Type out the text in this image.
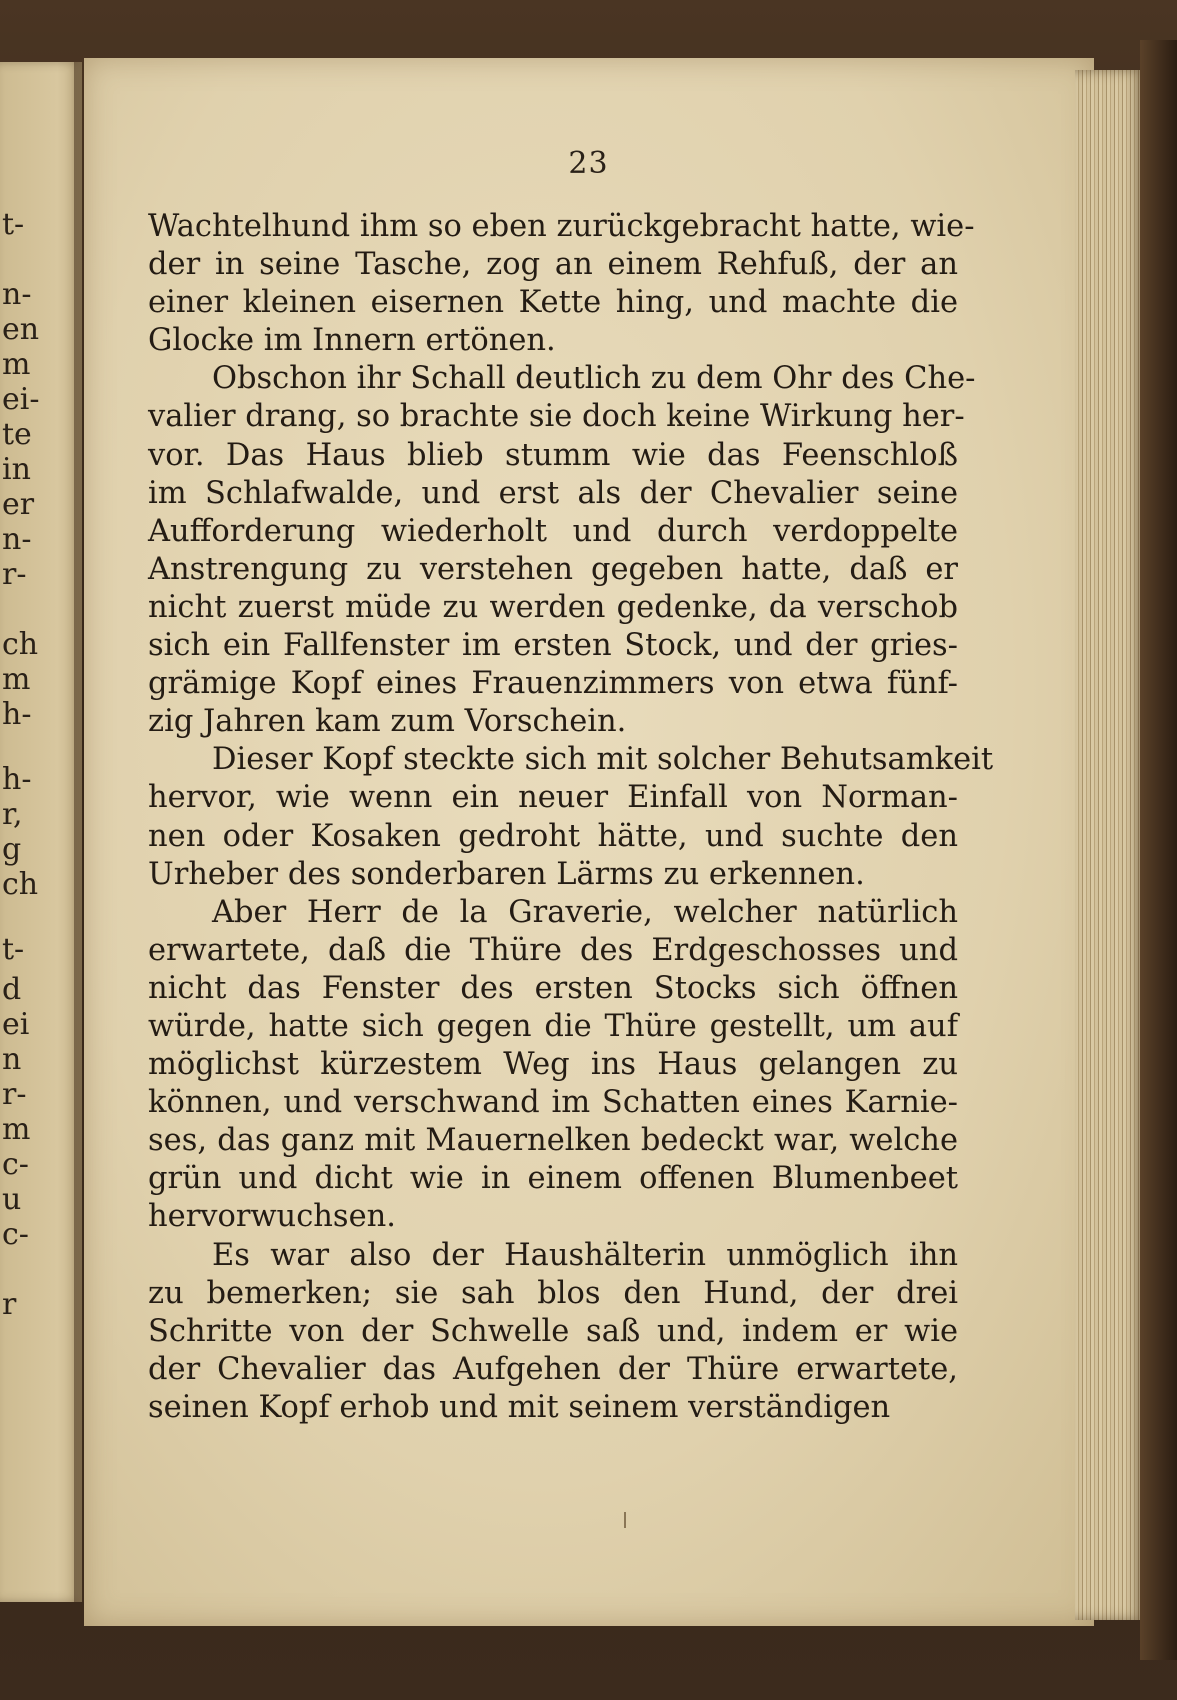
t-
n-
en
m
ei-
te
in
er
n-
r-
ch
m
h-
h-
r,
g
ch
t-
d
ei
n
r-
m
c-
u
c-
r
23
Wachtelhund ihm so eben zurückgebracht hatte, wie-
der in seine Tasche, zog an einem Rehfuß, der an
einer kleinen eisernen Kette hing, und machte die
Glocke im Innern ertönen.
Obschon ihr Schall deutlich zu dem Ohr des Che-
valier drang, so brachte sie doch keine Wirkung her-
vor. Das Haus blieb stumm wie das Feenschloß
im Schlafwalde, und erst als der Chevalier seine
Aufforderung wiederholt und durch verdoppelte
Anstrengung zu verstehen gegeben hatte, daß er
nicht zuerst müde zu werden gedenke, da verschob
sich ein Fallfenster im ersten Stock, und der gries-
grämige Kopf eines Frauenzimmers von etwa fünf-
zig Jahren kam zum Vorschein.
Dieser Kopf steckte sich mit solcher Behutsamkeit
hervor, wie wenn ein neuer Einfall von Norman-
nen oder Kosaken gedroht hätte, und suchte den
Urheber des sonderbaren Lärms zu erkennen.
Aber Herr de la Graverie, welcher natürlich
erwartete, daß die Thüre des Erdgeschosses und
nicht das Fenster des ersten Stocks sich öffnen
würde, hatte sich gegen die Thüre gestellt, um auf
möglichst kürzestem Weg ins Haus gelangen zu
können, und verschwand im Schatten eines Karnie-
ses, das ganz mit Mauernelken bedeckt war, welche
grün und dicht wie in einem offenen Blumenbeet
hervorwuchsen.
Es war also der Haushälterin unmöglich ihn
zu bemerken; sie sah blos den Hund, der drei
Schritte von der Schwelle saß und, indem er wie
der Chevalier das Aufgehen der Thüre erwartete,
seinen Kopf erhob und mit seinem verständigen
